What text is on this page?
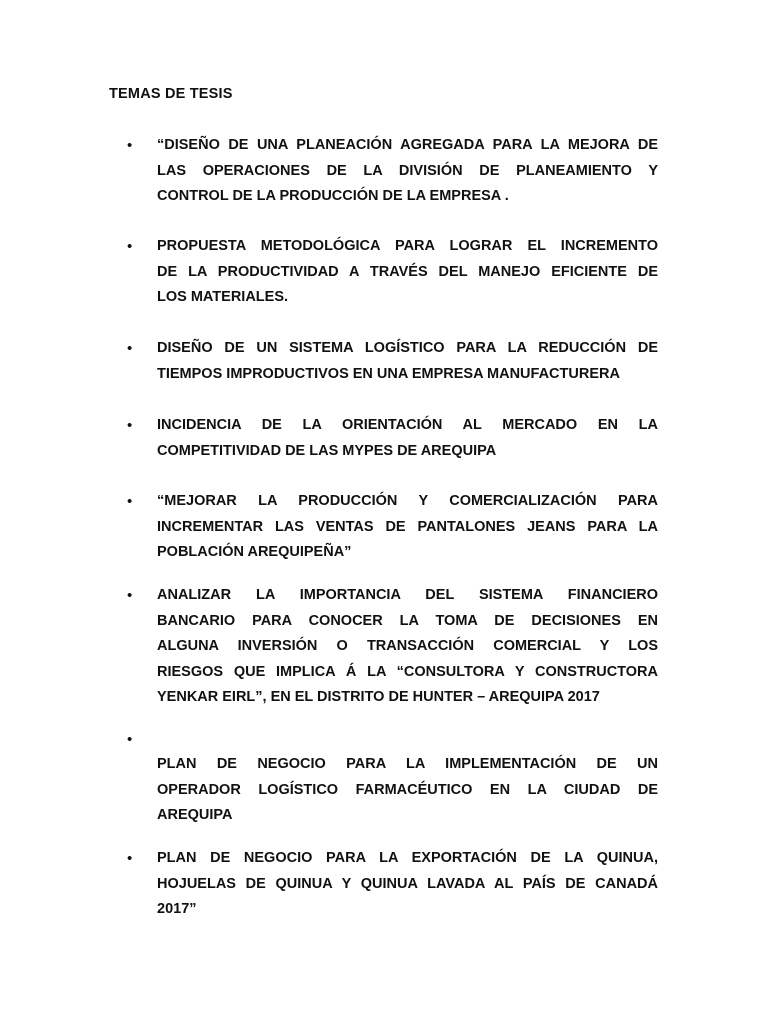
TEMAS DE TESIS
• “DISEÑO DE UNA PLANEACIÓN AGREGADA PARA LA MEJORA DE
LAS OPERACIONES DE LA DIVISIÓN DE PLANEAMIENTO Y
CONTROL DE LA PRODUCCIÓN DE LA EMPRESA .
• PROPUESTA METODOLÓGICA PARA LOGRAR EL INCREMENTO
DE LA PRODUCTIVIDAD A TRAVÉS DEL MANEJO EFICIENTE DE
LOS MATERIALES.
• DISEÑO DE UN SISTEMA LOGÍSTICO PARA LA REDUCCIÓN DE
TIEMPOS IMPRODUCTIVOS EN UNA EMPRESA MANUFACTURERA
• INCIDENCIA DE LA ORIENTACIÓN AL MERCADO EN LA
COMPETITIVIDAD DE LAS MYPES DE AREQUIPA
• “MEJORAR LA PRODUCCIÓN Y COMERCIALIZACIÓN PARA
INCREMENTAR LAS VENTAS DE PANTALONES JEANS PARA LA
POBLACIÓN AREQUIPEÑA”
• ANALIZAR LA IMPORTANCIA DEL SISTEMA FINANCIERO
BANCARIO PARA CONOCER LA TOMA DE DECISIONES EN
ALGUNA INVERSIÓN O TRANSACCIÓN COMERCIAL Y LOS
RIESGOS QUE IMPLICA Á LA “CONSULTORA Y CONSTRUCTORA
YENKAR EIRL”, EN EL DISTRITO DE HUNTER – AREQUIPA 2017
•
PLAN DE NEGOCIO PARA LA IMPLEMENTACIÓN DE UN
OPERADOR LOGÍSTICO FARMACÉUTICO EN LA CIUDAD DE
AREQUIPA
• PLAN DE NEGOCIO PARA LA EXPORTACIÓN DE LA QUINUA,
HOJUELAS DE QUINUA Y QUINUA LAVADA AL PAÍS DE CANADÁ
2017”
